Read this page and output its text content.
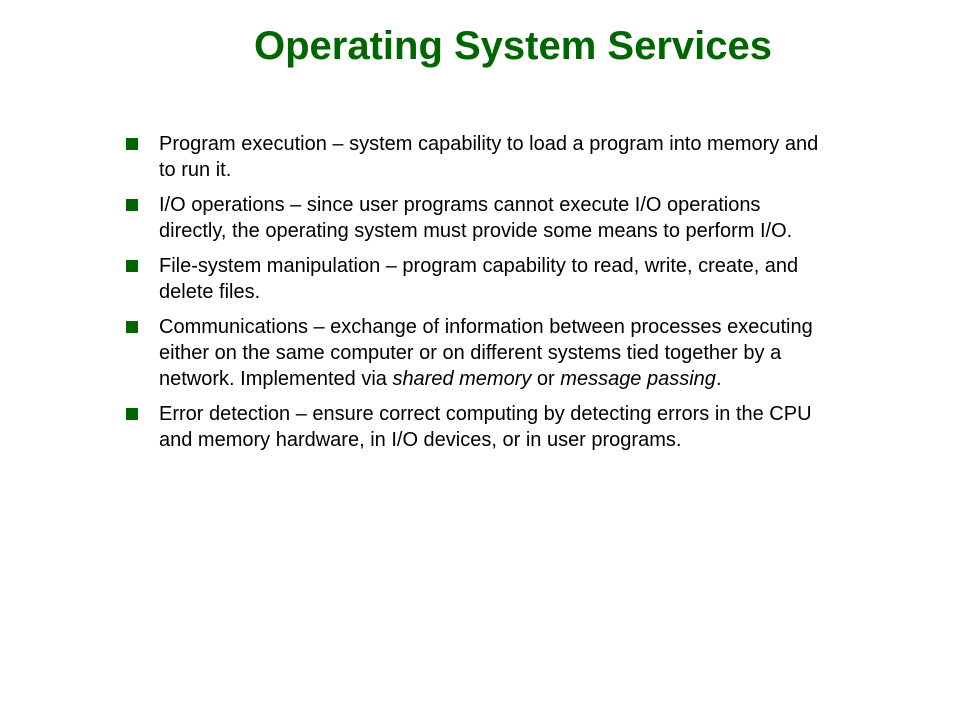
Operating System Services
Program execution – system capability to load a program into memory and to run it.
I/O operations – since user programs cannot execute I/O operations directly, the operating system must provide some means to perform I/O.
File-system manipulation – program capability to read, write, create, and delete files.
Communications – exchange of information between processes executing either on the same computer or on different systems tied together by a network. Implemented via shared memory or message passing.
Error detection – ensure correct computing by detecting errors in the CPU and memory hardware, in I/O devices, or in user programs.
